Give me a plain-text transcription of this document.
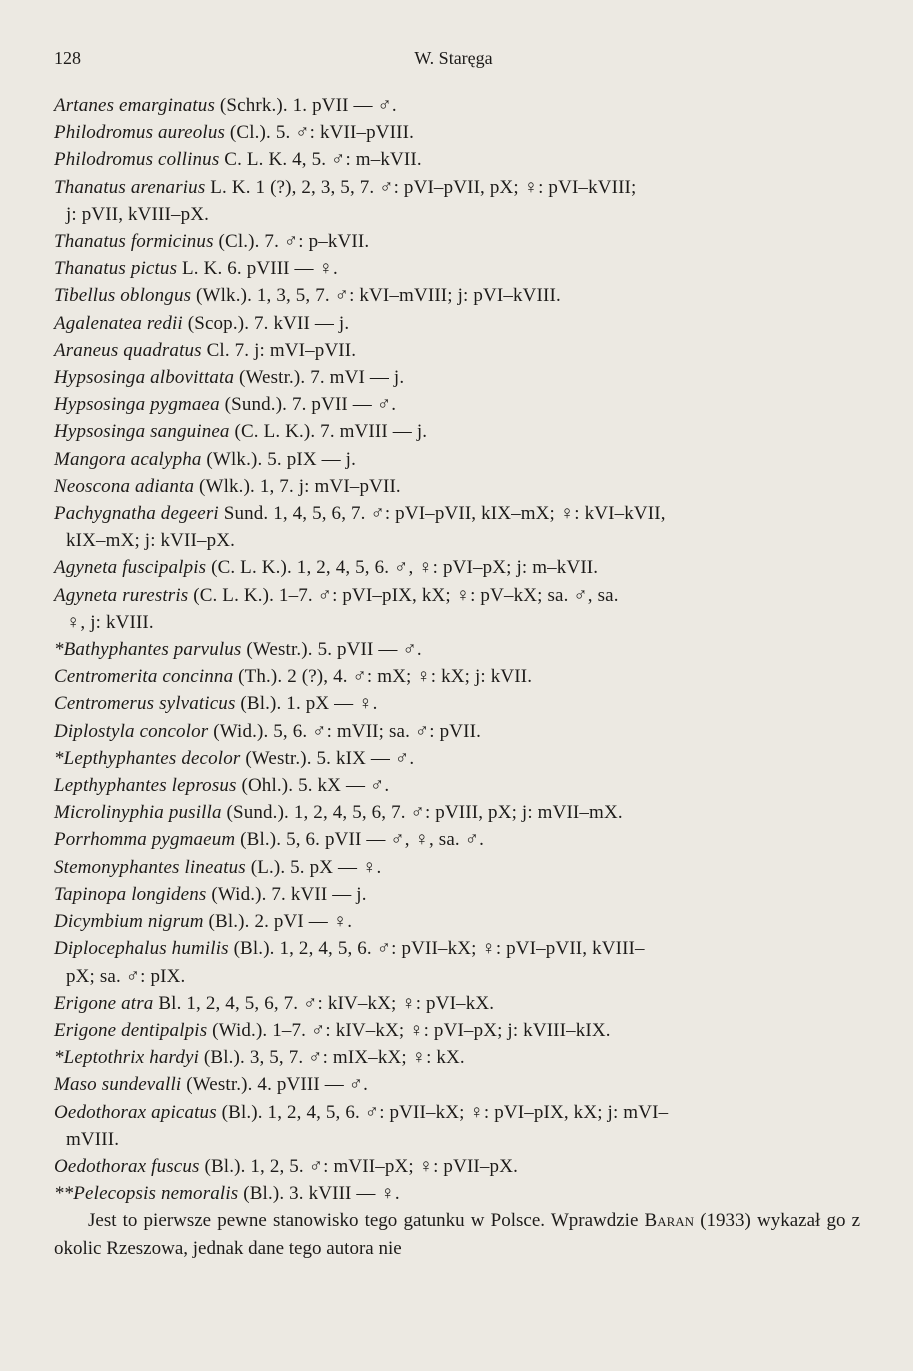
128	W. Staręga
Artanes emarginatus (Schrk.). 1. pVII — ♂.
Philodromus aureolus (Cl.). 5. ♂: kVII–pVIII.
Philodromus collinus C. L. K. 4, 5. ♂: m–kVII.
Thanatus arenarius L. K. 1 (?), 2, 3, 5, 7. ♂: pVI–pVII, pX; ♀: pVI–kVIII;
j: pVII, kVIII–pX.
Thanatus formicinus (Cl.). 7. ♂: p–kVII.
Thanatus pictus L. K. 6. pVIII — ♀.
Tibellus oblongus (Wlk.). 1, 3, 5, 7. ♂: kVI–mVIII; j: pVI–kVIII.
Agalenatea redii (Scop.). 7. kVII — j.
Araneus quadratus Cl. 7. j: mVI–pVII.
Hypsosinga albovittata (Westr.). 7. mVI — j.
Hypsosinga pygmaea (Sund.). 7. pVII — ♂.
Hypsosinga sanguinea (C. L. K.). 7. mVIII — j.
Mangora acalypha (Wlk.). 5. pIX — j.
Neoscona adianta (Wlk.). 1, 7. j: mVI–pVII.
Pachygnatha degeeri Sund. 1, 4, 5, 6, 7. ♂: pVI–pVII, kIX–mX; ♀: kVI–kVII,
kIX–mX; j: kVII–pX.
Agyneta fuscipalpis (C. L. K.). 1, 2, 4, 5, 6. ♂, ♀: pVI–pX; j: m–kVII.
Agyneta rurestris (C. L. K.). 1–7. ♂: pVI–pIX, kX; ♀: pV–kX; sa. ♂, sa.
♀, j: kVIII.
*Bathyphantes parvulus (Westr.). 5. pVII — ♂.
Centromerita concinna (Th.). 2 (?), 4. ♂: mX; ♀: kX; j: kVII.
Centromerus sylvaticus (Bl.). 1. pX — ♀.
Diplostyla concolor (Wid.). 5, 6. ♂: mVII; sa. ♂: pVII.
*Lepthyphantes decolor (Westr.). 5. kIX — ♂.
Lepthyphantes leprosus (Ohl.). 5. kX — ♂.
Microlinyphia pusilla (Sund.). 1, 2, 4, 5, 6, 7. ♂: pVIII, pX; j: mVII–mX.
Porrhomma pygmaeum (Bl.). 5, 6. pVII — ♂, ♀, sa. ♂.
Stemonyphantes lineatus (L.). 5. pX — ♀.
Tapinopa longidens (Wid.). 7. kVII — j.
Dicymbium nigrum (Bl.). 2. pVI — ♀.
Diplocephalus humilis (Bl.). 1, 2, 4, 5, 6. ♂: pVII–kX; ♀: pVI–pVII, kVIII–
pX; sa. ♂: pIX.
Erigone atra Bl. 1, 2, 4, 5, 6, 7. ♂: kIV–kX; ♀: pVI–kX.
Erigone dentipalpis (Wid.). 1–7. ♂: kIV–kX; ♀: pVI–pX; j: kVIII–kIX.
*Leptothrix hardyi (Bl.). 3, 5, 7. ♂: mIX–kX; ♀: kX.
Maso sundevalli (Westr.). 4. pVIII — ♂.
Oedothorax apicatus (Bl.). 1, 2, 4, 5, 6. ♂: pVII–kX; ♀: pVI–pIX, kX; j: mVI–
mVIII.
Oedothorax fuscus (Bl.). 1, 2, 5. ♂: mVII–pX; ♀: pVII–pX.
**Pelecopsis nemoralis (Bl.). 3. kVIII — ♀.
Jest to pierwsze pewne stanowisko tego gatunku w Polsce. Wprawdzie Baran (1933) wykazał go z okolic Rzeszowa, jednak dane tego autora nie
